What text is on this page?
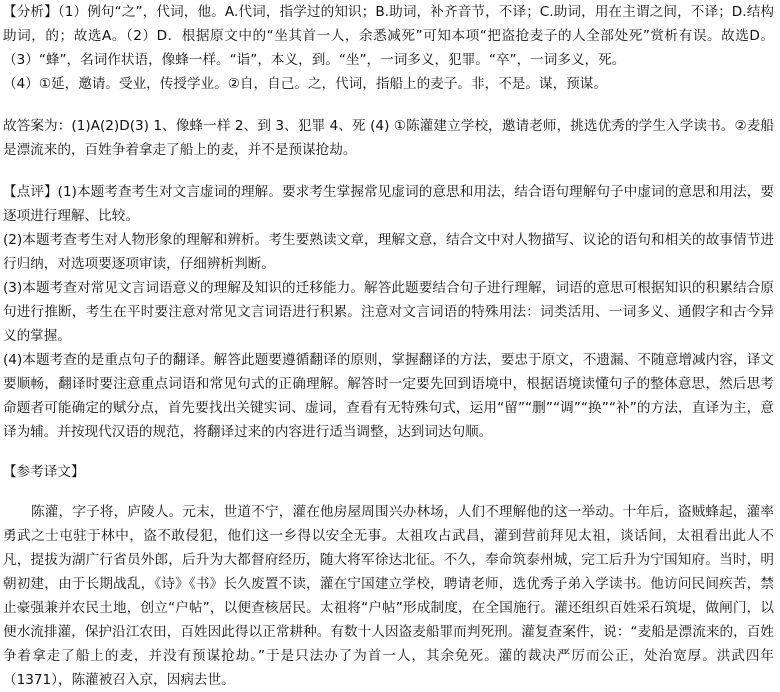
【分析】（1）例句“之”，代词，他。A.代词，指学过的知识；B.助词，补齐音节，不译；C.助词，用在主谓之间，不译；D.结构助词，的；故选A。（2）D．根据原文中的“坐其首一人，余悉减死”可知本项“把盗抢麦子的人全部处死”赏析有误。故选D。（3）“蜂”，名词作状语，像蜂一样。“诣”，本义，到。“坐”，一词多义，犯罪。“卒”，一词多义，死。

（4）①延，邀请。受业，传授学业。②自，自己。之，代词，指船上的麦子。非，不是。谋，预谋。

故答案为：(1)A(2)D(3) 1、像蜂一样 2、到 3、犯罪 4、死 (4) ①陈灌建立学校，邀请老师，挑选优秀的学生入学读书。②麦船是漂流来的，百姓争着拿走了船上的麦，并不是预谋抢劫。

【点评】(1)本题考查考生对文言虚词的理解。要求考生掌握常见虚词的意思和用法，结合语句理解句子中虚词的意思和用法，要逐项进行理解、比较。

(2)本题考查考生对人物形象的理解和辨析。考生要熟读文章，理解文意，结合文中对人物描写、议论的语句和相关的故事情节进行归纳，对选项要逐项审读，仔细辨析判断。

(3)本题考查对常见文言词语意义的理解及知识的迁移能力。解答此题要结合句子进行理解，词语的意思可根据知识的积累结合原句进行推断，考生在平时要注意对常见文言词语进行积累。注意对文言词语的特殊用法：词类活用、一词多义、通假字和古今异义的掌握。

(4)本题考查的是重点句子的翻译。解答此题要遵循翻译的原则，掌握翻译的方法，要忠于原文，不遗漏、不随意增减内容，译文要顺畅，翻译时要注意重点词语和常见句式的正确理解。解答时一定要先回到语境中，根据语境读懂句子的整体意思，然后思考命题者可能确定的赋分点，首先要找出关键实词、虚词，查看有无特殊句式，运用“留”“删”“调”“换”“补”的方法，直译为主，意译为辅。并按现代汉语的规范，将翻译过来的内容进行适当调整，达到词达句顺。

【参考译文】

陈灌，字子将，庐陵人。元末，世道不宁，灌在他房屋周围兴办林场，人们不理解他的这一举动。十年后，盗贼蜂起，灌率勇武之士屯驻于林中，盗不敢侵犯，他们这一乡得以安全无事。太祖攻占武昌，灌到营前拜见太祖，谈话间，太祖看出此人不凡，提拔为湖广行省员外郎，后升为大都督府经历，随大将军徐达北征。不久，奉命筑泰州城，完工后升为宁国知府。当时，明朝初建，由于长期战乱，《诗》《书》长久废置不读，灌在宁国建立学校，聘请老师，选优秀子弟入学读书。他访问民间疾苦，禁止豪强兼并农民土地，创立“户帖”，以便查核居民。太祖将“户帖”形成制度，在全国施行。灌还组织百姓采石筑堤，做闸门，以便水流排灌，保护沿江农田，百姓因此得以正常耕种。有数十人因盗麦船罪而判死刑。灌复查案件，说：“麦船是漂流来的，百姓争着拿走了船上的麦，并没有预谋抢劫。”于是只法办了为首一人，其余免死。灌的裁决严厉而公正，处治宽厚。洪武四年（1371），陈灌被召入京，因病去世。
